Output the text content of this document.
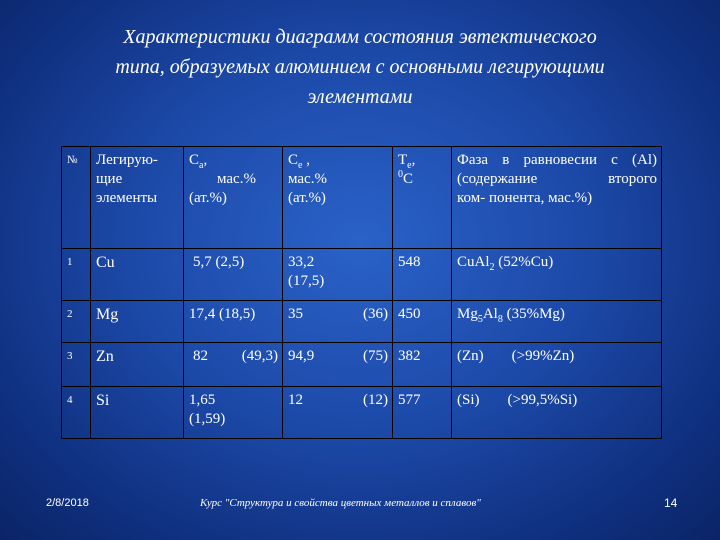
Характеристики диаграмм состояния эвтектического
типа, образуемых алюминием с основными легирующими
элементами
№	Легирую-
щие
элементы	$С_а$,
мас.%
(ат.%)	$С_е$ ,
мас.%
(ат.%)	$Т_е$,
$^0$С	Фаза в равновесии с (Al)
(содержание второго
ком- понента, мас.%)
1	Cu	5,7 (2,5)	33,2
(17,5)	548	CuAl$_2$ (52%Cu)
2	Mg	17,4 (18,5)	35 (36)	450	$Mg_5Al_8$ (35%Mg)
3	Zn	82 (49,3)	94,9 (75)	382	(Zn) (>99%Zn)
4	Si	1,65
(1,59)	12 (12)	577	(Si) (>99,5%Si)
2/8/2018	Курс "Структура и свойства цветных металлов и сплавов"	14
